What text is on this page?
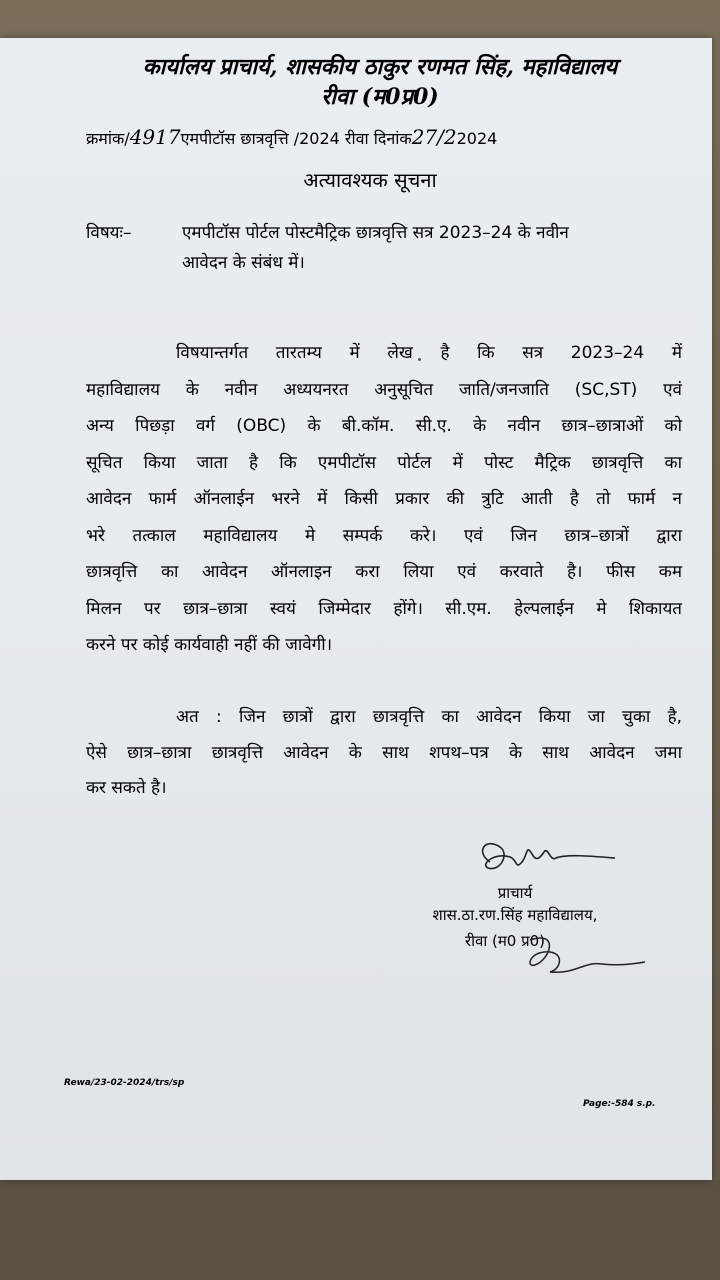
कार्यालय प्राचार्य, शासकीय ठाकुर रणमत सिंह, महाविद्यालय
रीवा (म0प्र0)
क्रमांक/4917एमपीटॉस छात्रवृत्ति /2024 रीवा दिनांक27/22024
अत्यावश्यक सूचना
विषयः–	एमपीटॉस पोर्टल पोस्टमैट्रिक छात्रवृत्ति सत्र 2023–24 के नवीन
आवेदन के संबंध में।
विषयान्तर्गत तारतम्य में लेख है कि सत्र 2023–24 में
महाविद्यालय के नवीन अध्ययनरत अनुसूचित जाति/जनजाति (SC,ST) एवं
अन्य पिछड़ा वर्ग (OBC) के बी.कॉम. सी.ए. के नवीन छात्र–छात्राओं को
सूचित किया जाता है कि एमपीटॉस पोर्टल में पोस्ट मैट्रिक छात्रवृत्ति का
आवेदन फार्म ऑनलाईन भरने में किसी प्रकार की त्रुटि आती है तो फार्म न
भरे तत्काल महाविद्यालय मे सम्पर्क करे। एवं जिन छात्र–छात्रों द्वारा
छात्रवृत्ति का आवेदन ऑनलाइन करा लिया एवं करवाते है। फीस कम
मिलन पर छात्र–छात्रा स्वयं जिम्मेदार होंगे। सी.एम. हेल्पलाईन मे शिकायत
करने पर कोई कार्यवाही नहीं की जावेगी।
अत : जिन छात्रों द्वारा छात्रवृत्ति का आवेदन किया जा चुका है,
ऐसे छात्र–छात्रा छात्रवृत्ति आवेदन के साथ शपथ–पत्र के साथ आवेदन जमा
कर सकते है।
प्राचार्य
शास.ठा.रण.सिंह महाविद्यालय,
रीवा (म0 प्र0)
Rewa/23-02-2024/trs/sp
Page:-584 s.p.
